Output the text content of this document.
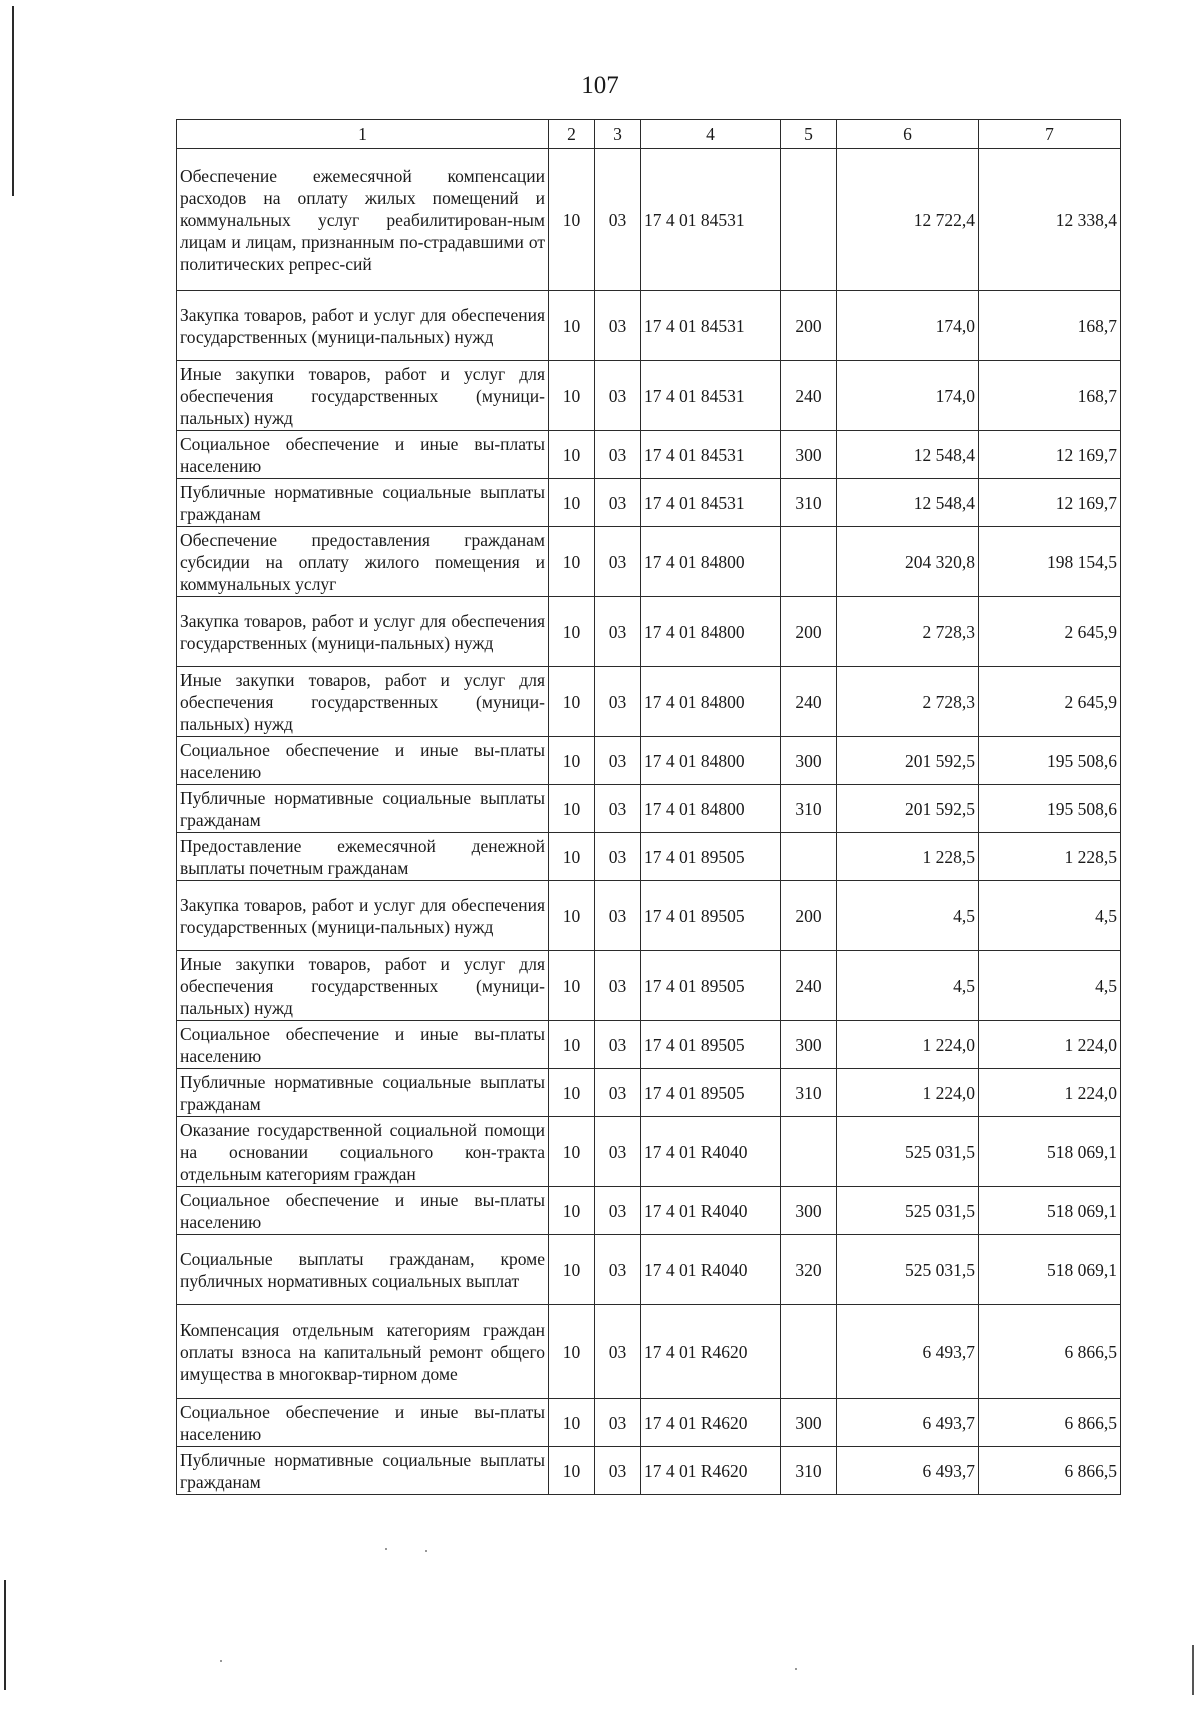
107
1	2	3	4	5	6	7
Обеспечение ежемесячной компенсации расходов на оплату жилых помещений и коммунальных услуг реабилитирован-ным лицам и лицам, признанным по-страдавшими от политических репрес-сий	10	03	17 4 01 84531		12 722,4	12 338,4
Закупка товаров, работ и услуг для обеспечения государственных (муници-пальных) нужд	10	03	17 4 01 84531	200	174,0	168,7
Иные закупки товаров, работ и услуг для обеспечения государственных (муници-пальных) нужд	10	03	17 4 01 84531	240	174,0	168,7
Социальное обеспечение и иные вы-платы населению	10	03	17 4 01 84531	300	12 548,4	12 169,7
Публичные нормативные социальные выплаты гражданам	10	03	17 4 01 84531	310	12 548,4	12 169,7
Обеспечение предоставления гражданам субсидии на оплату жилого помещения и коммунальных услуг	10	03	17 4 01 84800		204 320,8	198 154,5
Закупка товаров, работ и услуг для обеспечения государственных (муници-пальных) нужд	10	03	17 4 01 84800	200	2 728,3	2 645,9
Иные закупки товаров, работ и услуг для обеспечения государственных (муници-пальных) нужд	10	03	17 4 01 84800	240	2 728,3	2 645,9
Социальное обеспечение и иные вы-платы населению	10	03	17 4 01 84800	300	201 592,5	195 508,6
Публичные нормативные социальные выплаты гражданам	10	03	17 4 01 84800	310	201 592,5	195 508,6
Предоставление ежемесячной денежной выплаты почетным гражданам	10	03	17 4 01 89505		1 228,5	1 228,5
Закупка товаров, работ и услуг для обеспечения государственных (муници-пальных) нужд	10	03	17 4 01 89505	200	4,5	4,5
Иные закупки товаров, работ и услуг для обеспечения государственных (муници-пальных) нужд	10	03	17 4 01 89505	240	4,5	4,5
Социальное обеспечение и иные вы-платы населению	10	03	17 4 01 89505	300	1 224,0	1 224,0
Публичные нормативные социальные выплаты гражданам	10	03	17 4 01 89505	310	1 224,0	1 224,0
Оказание государственной социальной помощи на основании социального кон-тракта отдельным категориям граждан	10	03	17 4 01 R4040		525 031,5	518 069,1
Социальное обеспечение и иные вы-платы населению	10	03	17 4 01 R4040	300	525 031,5	518 069,1
Социальные выплаты гражданам, кроме публичных нормативных социальных выплат	10	03	17 4 01 R4040	320	525 031,5	518 069,1
Компенсация отдельным категориям граждан оплаты взноса на капитальный ремонт общего имущества в многоквар-тирном доме	10	03	17 4 01 R4620		6 493,7	6 866,5
Социальное обеспечение и иные вы-платы населению	10	03	17 4 01 R4620	300	6 493,7	6 866,5
Публичные нормативные социальные выплаты гражданам	10	03	17 4 01 R4620	310	6 493,7	6 866,5
